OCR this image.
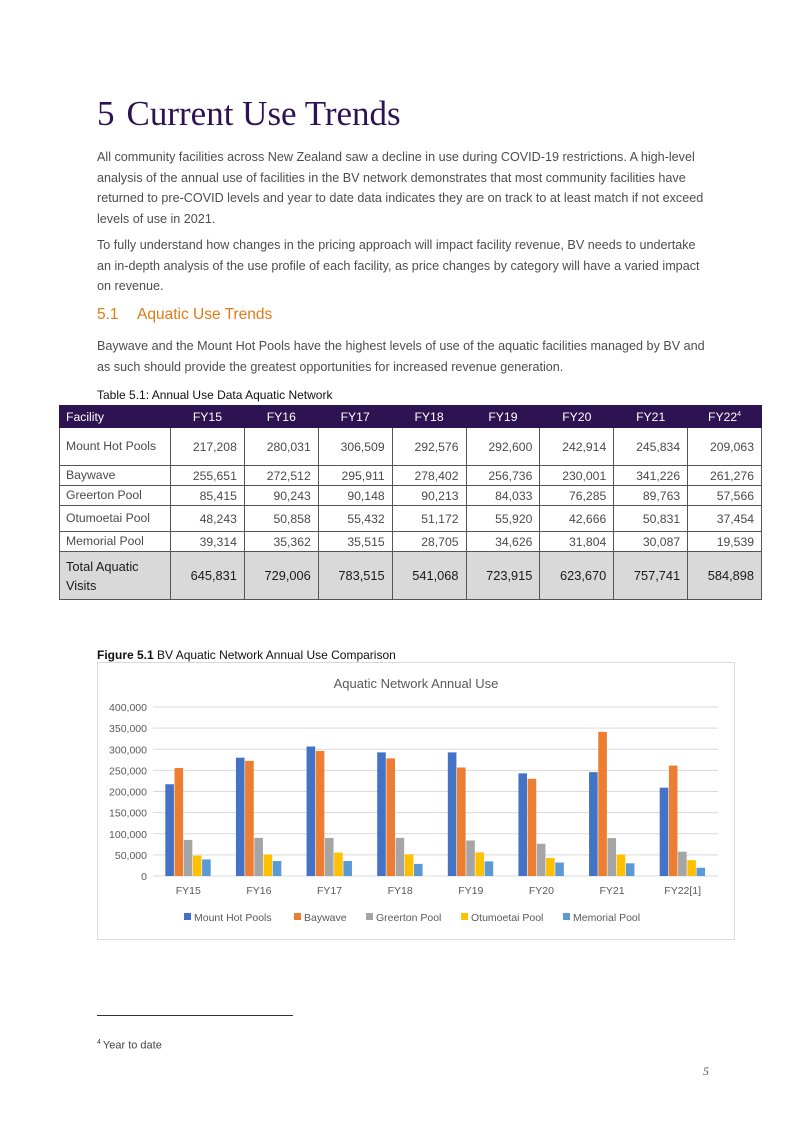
5 Current Use Trends

All community facilities across New Zealand saw a decline in use during COVID-19 restrictions. A high-level analysis of the annual use of facilities in the BV network demonstrates that most community facilities have returned to pre-COVID levels and year to date data indicates they are on track to at least match if not exceed levels of use in 2021.

To fully understand how changes in the pricing approach will impact facility revenue, BV needs to undertake an in-depth analysis of the use profile of each facility, as price changes by category will have a varied impact on revenue.

5.1 Aquatic Use Trends

Baywave and the Mount Hot Pools have the highest levels of use of the aquatic facilities managed by BV and as such should provide the greatest opportunities for increased revenue generation.

Table 5.1: Annual Use Data Aquatic Network

Facility	FY15	FY16	FY17	FY18	FY19	FY20	FY21	$FY22^4$
Mount Hot Pools	217,208	280,031	306,509	292,576	292,600	242,914	245,834	209,063
Baywave	255,651	272,512	295,911	278,402	256,736	230,001	341,226	261,276
Greerton Pool	85,415	90,243	90,148	90,213	84,033	76,285	89,763	57,566
Otumoetai Pool	48,243	50,858	55,432	51,172	55,920	42,666	50,831	37,454
Memorial Pool	39,314	35,362	35,515	28,705	34,626	31,804	30,087	19,539
Total Aquatic Visits	645,831	729,006	783,515	541,068	723,915	623,670	757,741	584,898

Figure 5.1 BV Aquatic Network Annual Use Comparison

Aquatic Network Annual Use
0
50,000
100,000
150,000
200,000
250,000
300,000
350,000
400,000
FY15	FY16	FY17	FY18	FY19	FY20	FY21	FY22[1]
Mount Hot Pools	Baywave	Greerton Pool	Otumoetai Pool	Memorial Pool

$^4$ Year to date

5
